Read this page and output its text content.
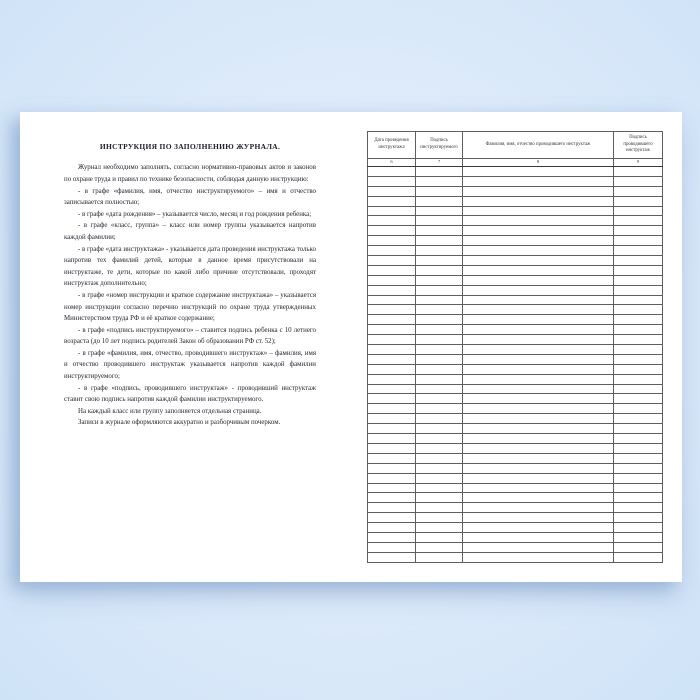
ИНСТРУКЦИЯ ПО ЗАПОЛНЕНИЮ ЖУРНАЛА.

Журнал необходимо заполнять, согласно нормативно-правовых актов и законов по охране труда и правил по технике безопасности, соблюдая данную инструкцию:

- в графе «фамилия, имя, отчество инструктируемого» – имя и отчество записывается полностью;

- в графе «дата рождения» – указывается число, месяц и год рождения ребенка;

- в графе «класс, группа» – класс или номер группы указывается напротив каждой фамилии;

- в графе «дата инструктажа» - указывается дата проведения инструктажа только напротив тех фамилий детей, которые в данное время присутствовали на инструктаже, те дети, которые по какой либо причине отсутствовали, проходят инструктаж дополнительно;

- в графе «номер инструкции и краткое содержание инструктажа» – указывается номер инструкции согласно перечню инструкций по охране труда утвержденных Министерством труда РФ и её краткое содержание;

- в графе «подпись инструктируемого» – ставится подпись ребенка с 10 летнего возраста (до 10 лет подпись родителей Закон об образовании РФ ст. 52);

- в графе «фамилия, имя, отчество, проводившего инструктаж» – фамилия, имя и отчество проводившего инструктаж указывается напротив каждой фамилии инструктируемого;

- в графе «подпись, проводившего инструктаж» - проводивший инструктаж ставит свою подпись напротив каждой фамилии инструктируемого.

На каждый класс или группу заполняется отдельная страница.

Записи в журнале оформляются аккуратно и разборчивым почерком.

Дата проведения инструктажа	Подпись инструктируемого	Фамилия, имя, отчество проводившего инструктаж	Подпись проводившего инструктаж
6	7	8	9
